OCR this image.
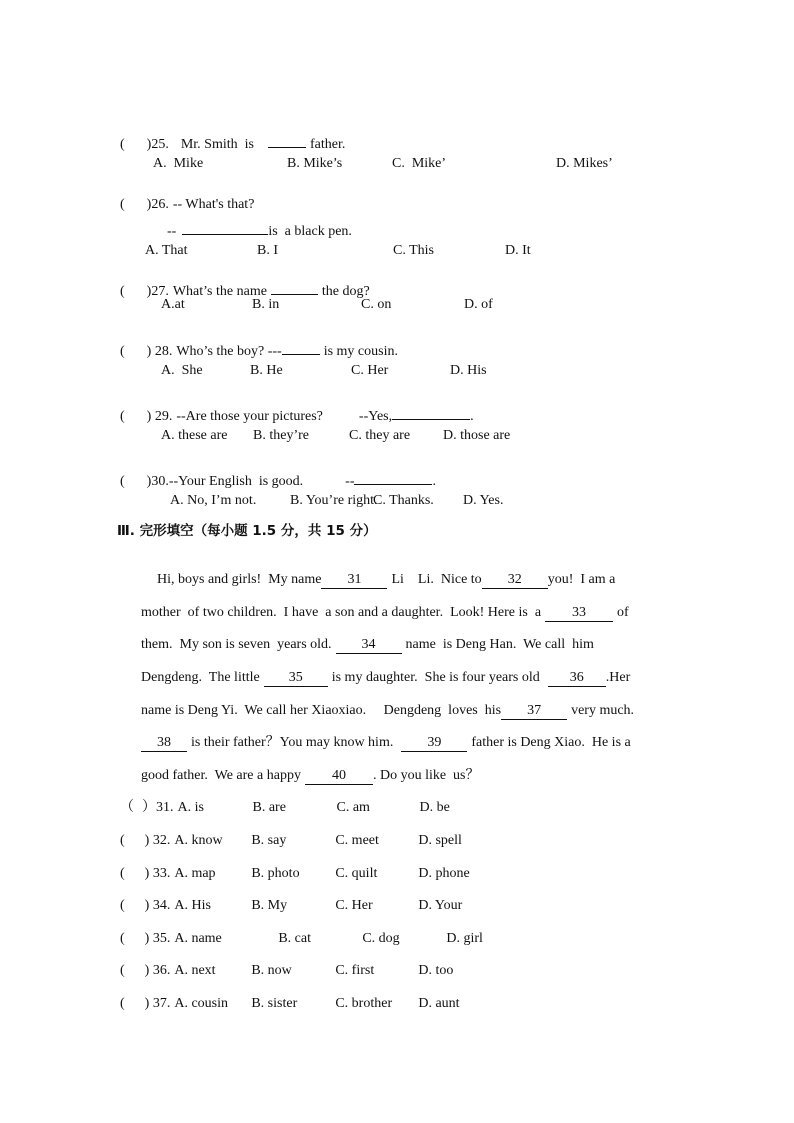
( )25. Mr. Smith  is	father.

A.  Mike	B. Mike’s	C.  Mike’	D. Mikes’

( )26. -- What's that?

--	is  a black pen.

A. That	B. I	C. This	D. It

( )27. What’s the name	the dog?

A.at	B. in	C. on	D. of

( ) 28. Who’s the boy? ---	is my cousin.

A.  She	B. He	C. Her	D. His

( ) 29. --Are those your pictures?	--Yes,	.

A. these are B. they’re	C. they are D. those are

( )30.--Your English  is good.	--	.

A. No, I’m not. B. You’re right.
C. Thanks. D. Yes.
Ⅲ. 完形填空（每小题 1.5 分，共 15 分）

Hi, boys and girls!  My name 31 Li    Li.  Nice to 32 you!  I am a

mother  of two children.  I have  a son and a daughter.  Look! Here is  a 33 of

them.  My son is seven  years old. 34 name  is Deng Han.  We call  him

Dengdeng.  The little 35 is my daughter.  She is four years old 36 .Her

name is Deng Yi.  We call her Xiaoxiao.     Dengdeng  loves  his 37 very much.

38 is their father？You may know him. 39 father is Deng Xiao.  He is a

good father.  We are a happy 40 . Do you like  us？

（ ）31. A. is	B. are	C. am	D. be

( ) 32. A. know B. say	C. meet	D. spell

( ) 33. A. map	B. photo	C. quilt	D. phone

( ) 34. A. His	B. My	C. Her	D. Your

( ) 35. A. name	B. cat	C. dog	D. girl

( ) 36. A. next	B. now	C. first	D. too

( ) 37. A. cousin B. sister	C. brother D. aunt
